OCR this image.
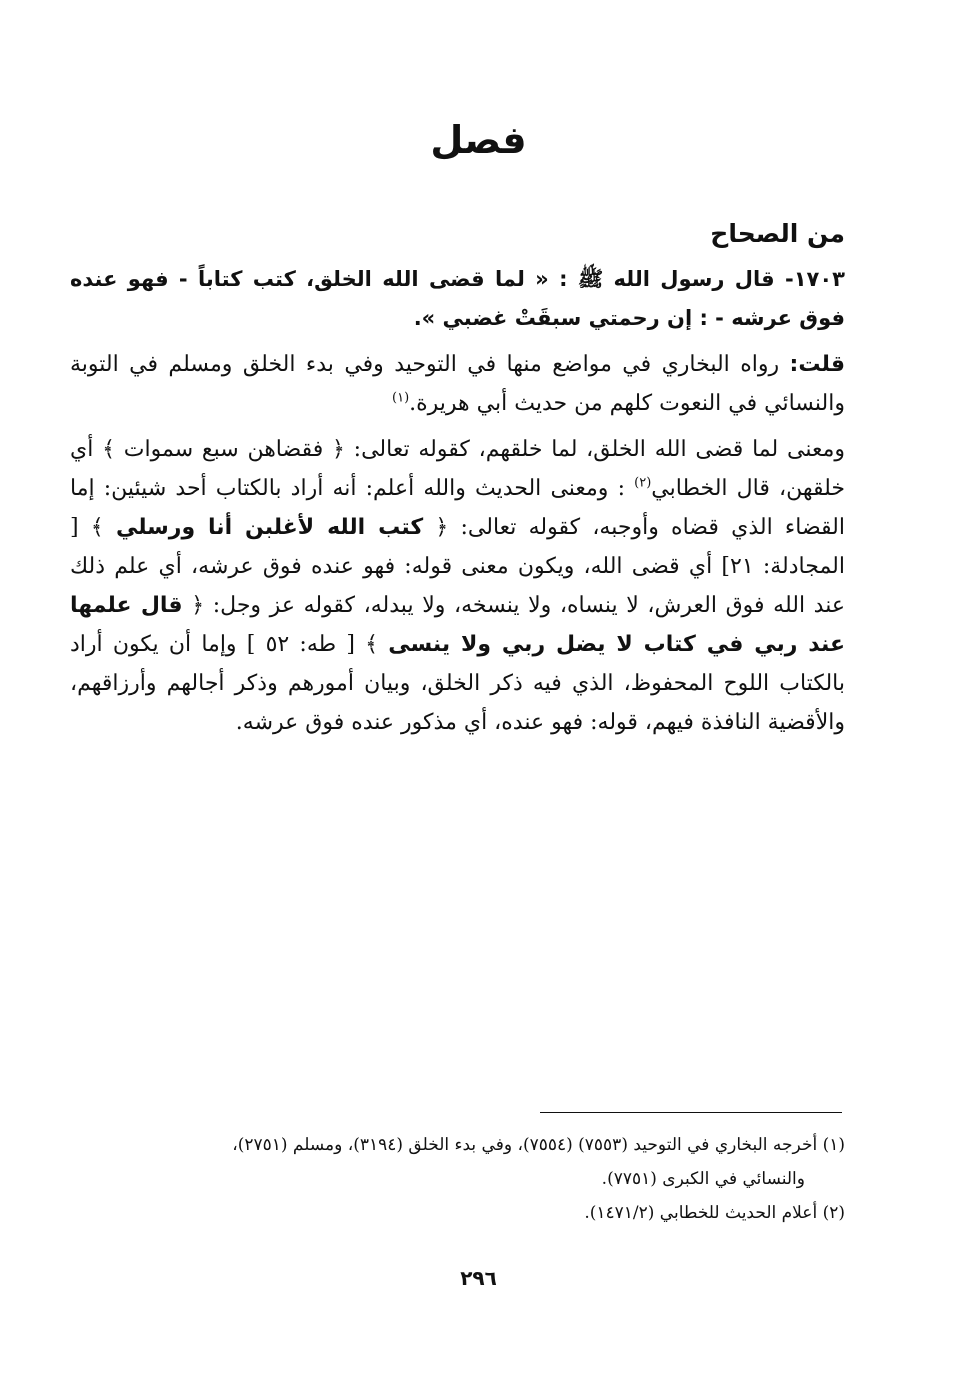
فصل

من الصحاح

١٧٠٣- قال رسول الله ﷺ : « لما قضى الله الخلق، كتب كتاباً - فهو عنده فوق عرشه - : إن رحمتي سبقَتْ غضبي ».

قلت: رواه البخاري في مواضع منها في التوحيد وفي بدء الخلق ومسلم في التوبة والنسائي في النعوت كلهم من حديث أبي هريرة.$^{(١)}$

ومعنى لما قضى الله الخلق، لما خلقهم، كقوله تعالى: ﴿ فقضاهن سبع سموات ﴾ أي خلقهن، قال الخطابي$^{(٢)}$ : ومعنى الحديث والله أعلم: أنه أراد بالكتاب أحد شيئين: إما القضاء الذي قضاه وأوجبه، كقوله تعالى: ﴿ كتب الله لأغلبن أنا ورسلي ﴾ [ المجادلة: ٢١] أي قضى الله، ويكون معنى قوله: فهو عنده فوق عرشه، أي علم ذلك عند الله فوق العرش، لا ينساه، ولا ينسخه، ولا يبدله، كقوله عز وجل: ﴿ قال علمها عند ربي في كتاب لا يضل ربي ولا ينسى ﴾ [ طه: ٥٢ ] وإما أن يكون أراد بالكتاب اللوح المحفوظ، الذي فيه ذكر الخلق، وبيان أمورهم وذكر أجالهم وأرزاقهم، والأقضية النافذة فيهم، قوله: فهو عنده، أي مذكور عنده فوق عرشه.

(١) أخرجه البخاري في التوحيد (٧٥٥٣) (٧٥٥٤)، وفي بدء الخلق (٣١٩٤)، ومسلم (٢٧٥١)،

والنسائي في الكبرى (٧٧٥١).

(٢) أعلام الحديث للخطابي (١٤٧١/٢).

٢٩٦
